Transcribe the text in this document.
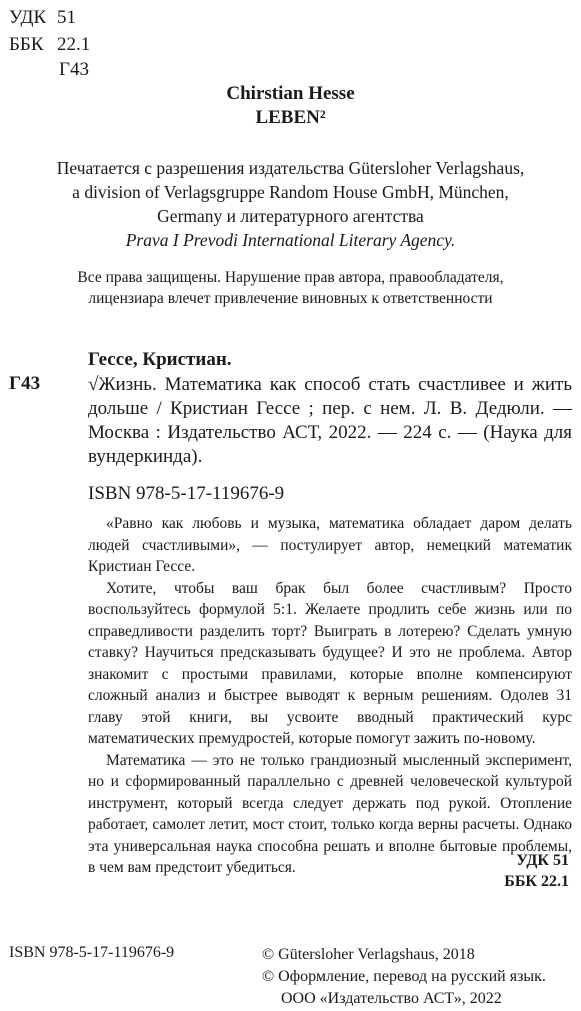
УДК 51
ББК 22.1
Г43
Chirstian Hesse
LEBEN²
Печатается с разрешения издательства Gütersloher Verlagshaus,
a division of Verlagsgruppe Random House GmbH, München,
Germany и литературного агентства
Prava I Prevodi International Literary Agency.
Все права защищены. Нарушение прав автора, правообладателя,
лицензиара влечет привлечение виновных к ответственности
Гессе, Кристиан.
Г43	√Жизнь. Математика как способ стать счастливее и жить дольше / Кристиан Гессе ; пер. с нем. Л. В. Дедюли. — Москва : Издательство АСТ, 2022. — 224 с. — (Наука для вундеркинда).
ISBN 978-5-17-119676-9

«Равно как любовь и музыка, математика обладает даром делать людей счастливыми», — постулирует автор, немецкий математик Кристиан Гессе.

Хотите, чтобы ваш брак был более счастливым? Просто воспользуйтесь формулой 5:1. Желаете продлить себе жизнь или по справедливости разделить торт? Выиграть в лотерею? Сделать умную ставку? Научиться предсказывать будущее? И это не проблема. Автор знакомит с простыми правилами, которые вполне компенсируют сложный анализ и быстрее выводят к верным решениям. Одолев 31 главу этой книги, вы усвоите вводный практический курс математических премудростей, которые помогут зажить по-новому.

Математика — это не только грандиозный мысленный эксперимент, но и сформированный параллельно с древней человеческой культурой инструмент, который всегда следует держать под рукой. Отопление работает, самолет летит, мост стоит, только когда верны расчеты. Однако эта универсальная наука способна решать и вполне бытовые проблемы, в чем вам предстоит убедиться.	УДК 51
ББК 22.1
ISBN 978-5-17-119676-9	© Gütersloher Verlagshaus, 2018
© Оформление, перевод на русский язык.
ООО «Издательство АСТ», 2022
